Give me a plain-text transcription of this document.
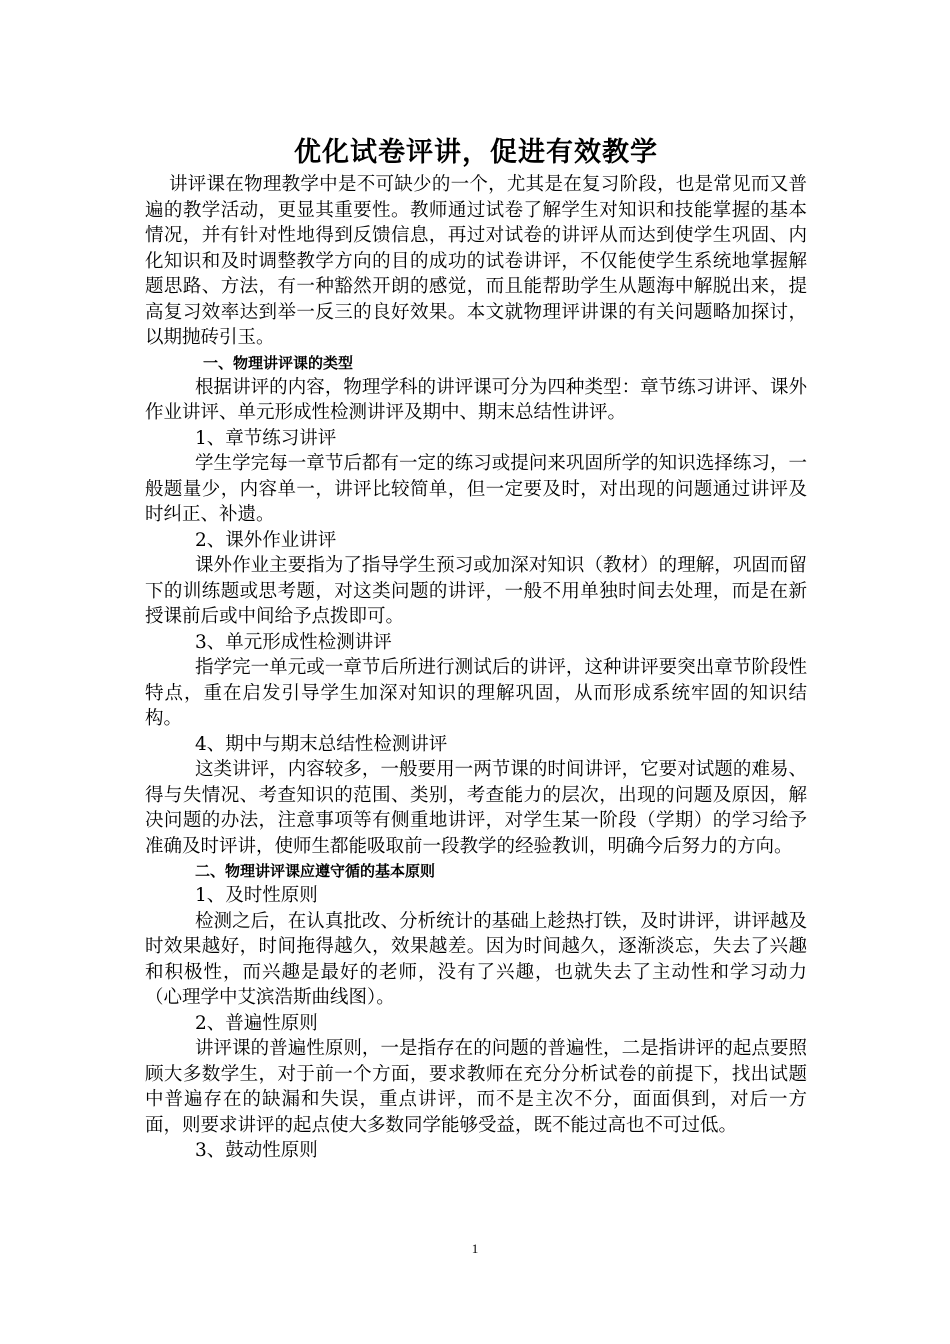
优化试卷评讲，促进有效教学

讲评课在物理教学中是不可缺少的一个，尤其是在复习阶段，也是常见而又普遍的教学活动，更显其重要性。教师通过试卷了解学生对知识和技能掌握的基本情况，并有针对性地得到反馈信息，再过对试卷的讲评从而达到使学生巩固、内化知识和及时调整教学方向的目的成功的试卷讲评，不仅能使学生系统地掌握解题思路、方法，有一种豁然开朗的感觉，而且能帮助学生从题海中解脱出来，提高复习效率达到举一反三的良好效果。本文就物理评讲课的有关问题略加探讨，以期抛砖引玉。

一、物理讲评课的类型

根据讲评的内容，物理学科的讲评课可分为四种类型：章节练习讲评、课外作业讲评、单元形成性检测讲评及期中、期末总结性讲评。

1、章节练习讲评

学生学完每一章节后都有一定的练习或提问来巩固所学的知识选择练习，一般题量少，内容单一，讲评比较简单，但一定要及时，对出现的问题通过讲评及时纠正、补遗。

2、课外作业讲评

课外作业主要指为了指导学生预习或加深对知识（教材）的理解，巩固而留下的训练题或思考题，对这类问题的讲评，一般不用单独时间去处理，而是在新授课前后或中间给予点拨即可。

3、单元形成性检测讲评

指学完一单元或一章节后所进行测试后的讲评，这种讲评要突出章节阶段性特点，重在启发引导学生加深对知识的理解巩固，从而形成系统牢固的知识结构。

4、期中与期末总结性检测讲评

这类讲评，内容较多，一般要用一两节课的时间讲评，它要对试题的难易、得与失情况、考查知识的范围、类别，考查能力的层次，出现的问题及原因，解决问题的办法，注意事项等有侧重地讲评，对学生某一阶段（学期）的学习给予准确及时评讲，使师生都能吸取前一段教学的经验教训，明确今后努力的方向。

二、物理讲评课应遵守循的基本原则
1、及时性原则

检测之后，在认真批改、分析统计的基础上趁热打铁，及时讲评，讲评越及时效果越好，时间拖得越久，效果越差。因为时间越久，逐渐淡忘，失去了兴趣和积极性，而兴趣是最好的老师，没有了兴趣，也就失去了主动性和学习动力（心理学中艾滨浩斯曲线图）。

2、普遍性原则

讲评课的普遍性原则，一是指存在的问题的普遍性，二是指讲评的起点要照顾大多数学生，对于前一个方面，要求教师在充分分析试卷的前提下，找出试题中普遍存在的缺漏和失误，重点讲评，而不是主次不分，面面俱到，对后一方面，则要求讲评的起点使大多数同学能够受益，既不能过高也不可过低。

3、鼓动性原则
1
